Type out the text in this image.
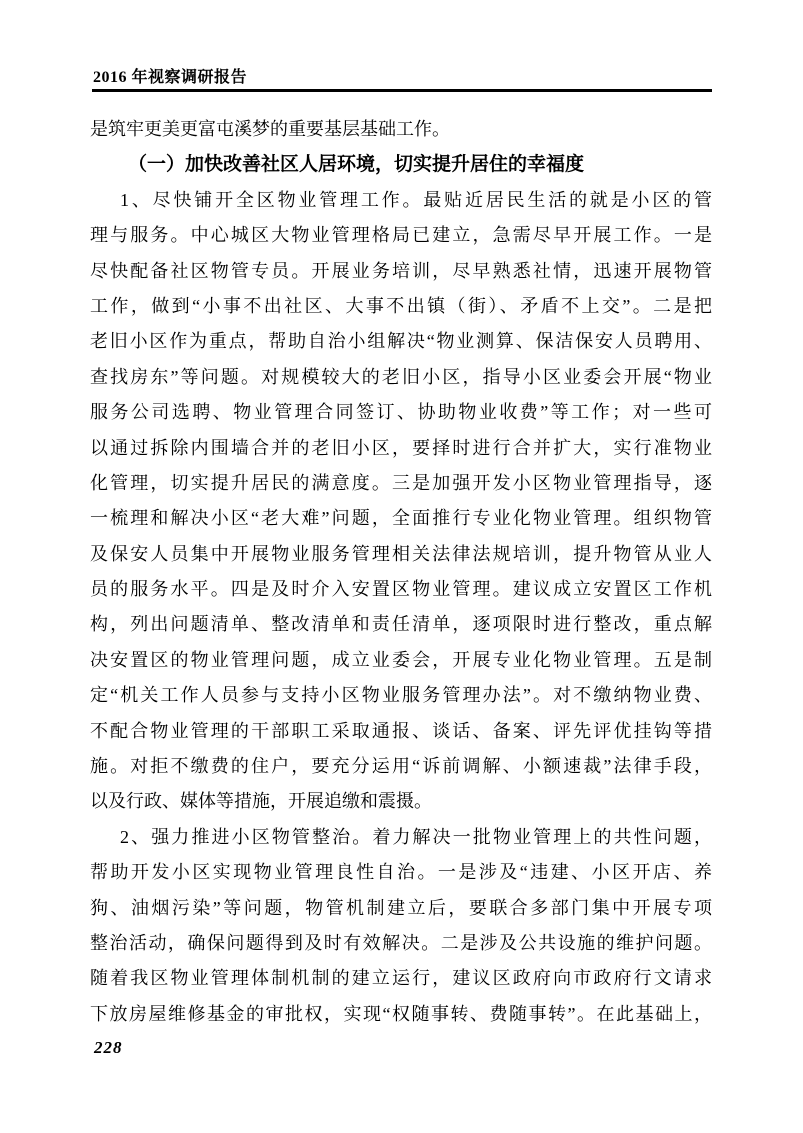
2016 年视察调研报告
是筑牢更美更富屯溪梦的重要基层基础工作。
（一）加快改善社区人居环境，切实提升居住的幸福度
1、尽快铺开全区物业管理工作。最贴近居民生活的就是小区的管
理与服务。中心城区大物业管理格局已建立，急需尽早开展工作。一是
尽快配备社区物管专员。开展业务培训，尽早熟悉社情，迅速开展物管
工作，做到“小事不出社区、大事不出镇（街）、矛盾不上交”。二是把
老旧小区作为重点，帮助自治小组解决“物业测算、保洁保安人员聘用、
查找房东”等问题。对规模较大的老旧小区，指导小区业委会开展“物业
服务公司选聘、物业管理合同签订、协助物业收费”等工作；对一些可
以通过拆除内围墙合并的老旧小区，要择时进行合并扩大，实行准物业
化管理，切实提升居民的满意度。三是加强开发小区物业管理指导，逐
一梳理和解决小区“老大难”问题，全面推行专业化物业管理。组织物管
及保安人员集中开展物业服务管理相关法律法规培训，提升物管从业人
员的服务水平。四是及时介入安置区物业管理。建议成立安置区工作机
构，列出问题清单、整改清单和责任清单，逐项限时进行整改，重点解
决安置区的物业管理问题，成立业委会，开展专业化物业管理。五是制
定“机关工作人员参与支持小区物业服务管理办法”。对不缴纳物业费、
不配合物业管理的干部职工采取通报、谈话、备案、评先评优挂钩等措
施。对拒不缴费的住户，要充分运用“诉前调解、小额速裁”法律手段，
以及行政、媒体等措施，开展追缴和震摄。
2、强力推进小区物管整治。着力解决一批物业管理上的共性问题，
帮助开发小区实现物业管理良性自治。一是涉及“违建、小区开店、养
狗、油烟污染”等问题，物管机制建立后，要联合多部门集中开展专项
整治活动，确保问题得到及时有效解决。二是涉及公共设施的维护问题。
随着我区物业管理体制机制的建立运行，建议区政府向市政府行文请求
下放房屋维修基金的审批权，实现“权随事转、费随事转”。在此基础上，
228
